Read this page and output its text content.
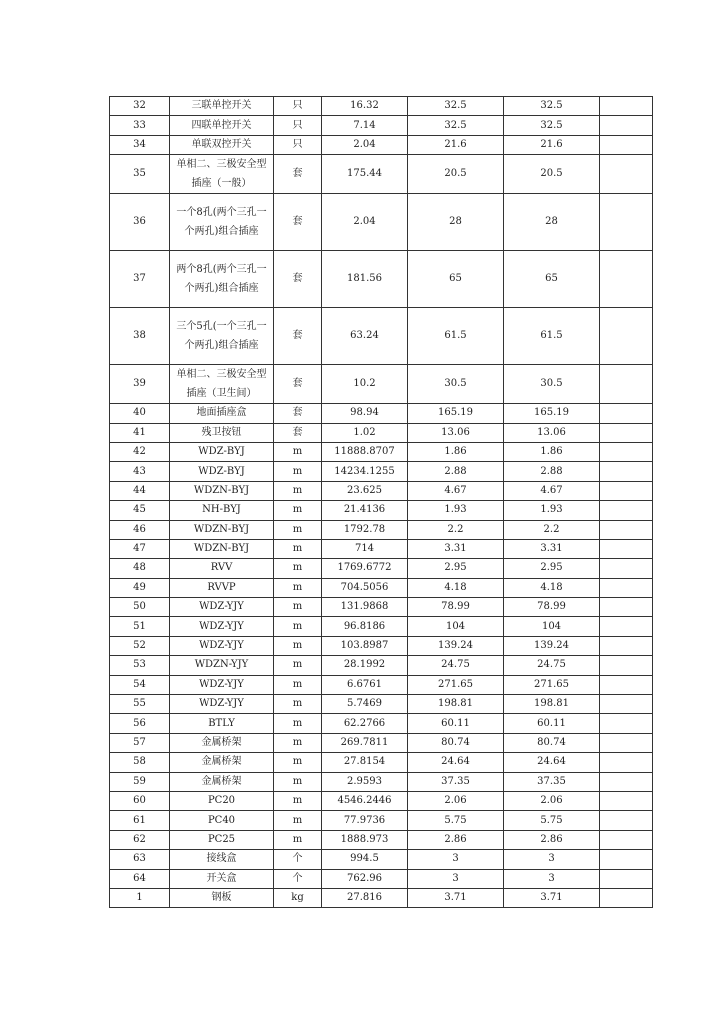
32	三联单控开关	只	16.32	32.5	32.5	
33	四联单控开关	只	7.14	32.5	32.5	
34	单联双控开关	只	2.04	21.6	21.6	
35	单相二、三极安全型插座（一般）	套	175.44	20.5	20.5	
36	一个8孔(两个三孔一个两孔)组合插座	套	2.04	28	28	
37	两个8孔(两个三孔一个两孔)组合插座	套	181.56	65	65	
38	三个5孔(一个三孔一个两孔)组合插座	套	63.24	61.5	61.5	
39	单相二、三极安全型插座（卫生间）	套	10.2	30.5	30.5	
40	地面插座盒	套	98.94	165.19	165.19	
41	残卫按钮	套	1.02	13.06	13.06	
42	WDZ-BYJ	m	11888.8707	1.86	1.86	
43	WDZ-BYJ	m	14234.1255	2.88	2.88	
44	WDZN-BYJ	m	23.625	4.67	4.67	
45	NH-BYJ	m	21.4136	1.93	1.93	
46	WDZN-BYJ	m	1792.78	2.2	2.2	
47	WDZN-BYJ	m	714	3.31	3.31	
48	RVV	m	1769.6772	2.95	2.95	
49	RVVP	m	704.5056	4.18	4.18	
50	WDZ-YJY	m	131.9868	78.99	78.99	
51	WDZ-YJY	m	96.8186	104	104	
52	WDZ-YJY	m	103.8987	139.24	139.24	
53	WDZN-YJY	m	28.1992	24.75	24.75	
54	WDZ-YJY	m	6.6761	271.65	271.65	
55	WDZ-YJY	m	5.7469	198.81	198.81	
56	BTLY	m	62.2766	60.11	60.11	
57	金属桥架	m	269.7811	80.74	80.74	
58	金属桥架	m	27.8154	24.64	24.64	
59	金属桥架	m	2.9593	37.35	37.35	
60	PC20	m	4546.2446	2.06	2.06	
61	PC40	m	77.9736	5.75	5.75	
62	PC25	m	1888.973	2.86	2.86	
63	接线盒	个	994.5	3	3	
64	开关盒	个	762.96	3	3	
1	钢板	kg	27.816	3.71	3.71	
